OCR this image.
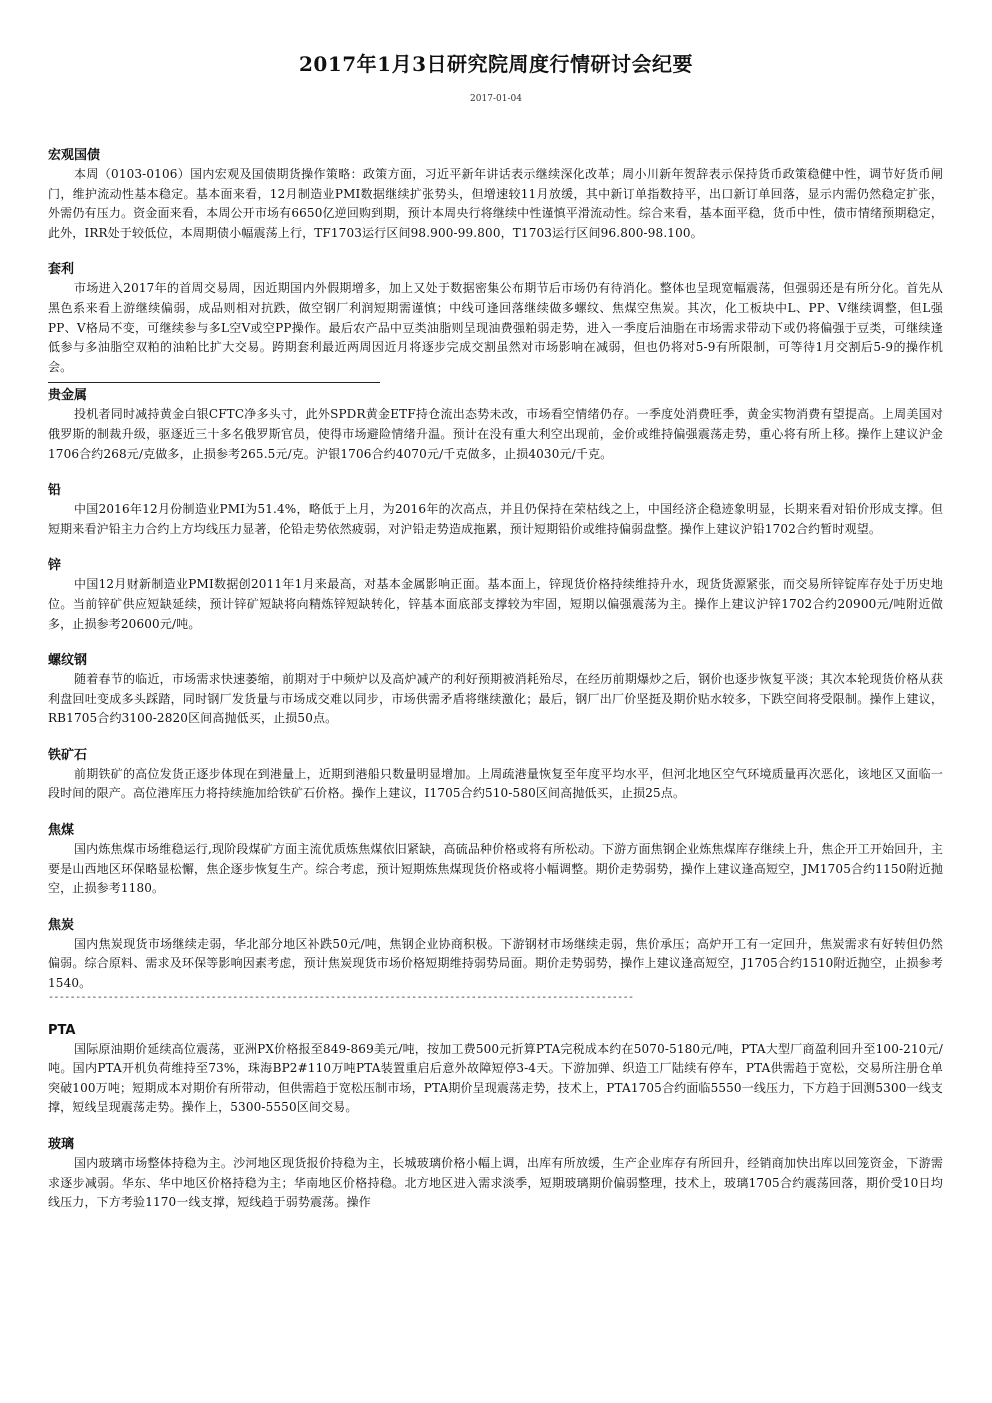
2017年1月3日研究院周度行情研讨会纪要
2017-01-04
宏观国债

本周（0103-0106）国内宏观及国债期货操作策略：政策方面，习近平新年讲话表示继续深化改革；周小川新年贺辞表示保持货币政策稳健中性，调节好货币闸门，维护流动性基本稳定。基本面来看，12月制造业PMI数据继续扩张势头，但增速较11月放缓，其中新订单指数持平，出口新订单回落，显示内需仍然稳定扩张，外需仍有压力。资金面来看，本周公开市场有6650亿逆回购到期，预计本周央行将继续中性谨慎平滑流动性。综合来看，基本面平稳，货币中性，债市情绪预期稳定，此外，IRR处于较低位，本周期债小幅震荡上行，TF1703运行区间98.900-99.800，T1703运行区间96.800-98.100。

套利

市场进入2017年的首周交易周，因近期国内外假期增多，加上又处于数据密集公布期节后市场仍有待消化。整体也呈现宽幅震荡，但强弱还是有所分化。首先从黑色系来看上游继续偏弱，成品则相对抗跌，做空钢厂利润短期需谨慎；中线可逢回落继续做多螺纹、焦煤空焦炭。其次，化工板块中L、PP、V继续调整，但L强PP、V格局不变，可继续参与多L空V或空PP操作。最后农产品中豆类油脂则呈现油费强粕弱走势，进入一季度后油脂在市场需求带动下或仍将偏强于豆类，可继续逢低参与多油脂空双粕的油粕比扩大交易。跨期套利最近两周因近月将逐步完成交割虽然对市场影响在减弱，但也仍将对5-9有所限制，可等待1月交割后5-9的操作机会。

贵金属

投机者同时减持黄金白银CFTC净多头寸，此外SPDR黄金ETF持仓流出态势未改，市场看空情绪仍存。一季度处消费旺季，黄金实物消费有望提高。上周美国对俄罗斯的制裁升级，驱逐近三十多名俄罗斯官员，使得市场避险情绪升温。预计在没有重大利空出现前，金价或维持偏强震荡走势，重心将有所上移。操作上建议沪金1706合约268元/克做多，止损参考265.5元/克。沪银1706合约4070元/千克做多，止损4030元/千克。

铅

中国2016年12月份制造业PMI为51.4%，略低于上月，为2016年的次高点，并且仍保持在荣枯线之上，中国经济企稳迹象明显，长期来看对铅价形成支撑。但短期来看沪铅主力合约上方均线压力显著，伦铅走势依然疲弱，对沪铅走势造成拖累，预计短期铅价或维持偏弱盘整。操作上建议沪铅1702合约暂时观望。

锌

中国12月财新制造业PMI数据创2011年1月来最高，对基本金属影响正面。基本面上，锌现货价格持续维持升水，现货货源紧张，而交易所锌锭库存处于历史地位。当前锌矿供应短缺延续，预计锌矿短缺将向精炼锌短缺转化，锌基本面底部支撑较为牢固，短期以偏强震荡为主。操作上建议沪锌1702合约20900元/吨附近做多，止损参考20600元/吨。

螺纹钢

随着春节的临近，市场需求快速萎缩，前期对于中频炉以及高炉减产的利好预期被消耗殆尽，在经历前期爆炒之后，钢价也逐步恢复平淡；其次本轮现货价格从获利盘回吐变成多头踩踏，同时钢厂发货量与市场成交难以同步，市场供需矛盾将继续激化；最后，钢厂出厂价坚挺及期价贴水较多，下跌空间将受限制。操作上建议，RB1705合约3100-2820区间高抛低买，止损50点。

铁矿石

前期铁矿的高位发货正逐步体现在到港量上，近期到港船只数量明显增加。上周疏港量恢复至年度平均水平，但河北地区空气环境质量再次恶化，该地区又面临一段时间的限产。高位港库压力将持续施加给铁矿石价格。操作上建议，I1705合约510-580区间高抛低买，止损25点。

焦煤

国内炼焦煤市场维稳运行,现阶段煤矿方面主流优质炼焦煤依旧紧缺，高硫品种价格或将有所松动。下游方面焦钢企业炼焦煤库存继续上升，焦企开工开始回升，主要是山西地区环保略显松懈，焦企逐步恢复生产。综合考虑，预计短期炼焦煤现货价格或将小幅调整。期价走势弱势，操作上建议逢高短空，JM1705合约1150附近抛空，止损参考1180。

焦炭

国内焦炭现货市场继续走弱，华北部分地区补跌50元/吨，焦钢企业协商积极。下游钢材市场继续走弱，焦价承压；高炉开工有一定回升，焦炭需求有好转但仍然偏弱。综合原料、需求及环保等影响因素考虑，预计焦炭现货市场价格短期维持弱势局面。期价走势弱势，操作上建议逢高短空，J1705合约1510附近抛空，止损参考1540。

------------------------------------------------------------------------------------------------------------
PTA

国际原油期价延续高位震荡，亚洲PX价格报至849-869美元/吨，按加工费500元折算PTA完税成本约在5070-5180元/吨，PTA大型厂商盈利回升至100-210元/吨。国内PTA开机负荷维持至73%，珠海BP2#110万吨PTA装置重启后意外故障短停3-4天。下游加弹、织造工厂陆续有停车，PTA供需趋于宽松，交易所注册仓单突破100万吨；短期成本对期价有所带动，但供需趋于宽松压制市场，PTA期价呈现震荡走势，技术上，PTA1705合约面临5550一线压力，下方趋于回测5300一线支撑，短线呈现震荡走势。操作上，5300-5550区间交易。

玻璃

国内玻璃市场整体持稳为主。沙河地区现货报价持稳为主，长城玻璃价格小幅上调，出库有所放缓，生产企业库存有所回升，经销商加快出库以回笼资金，下游需求逐步减弱。华东、华中地区价格持稳为主；华南地区价格持稳。北方地区进入需求淡季，短期玻璃期价偏弱整理，技术上，玻璃1705合约震荡回落，期价受10日均线压力，下方考验1170一线支撑，短线趋于弱势震荡。操作
